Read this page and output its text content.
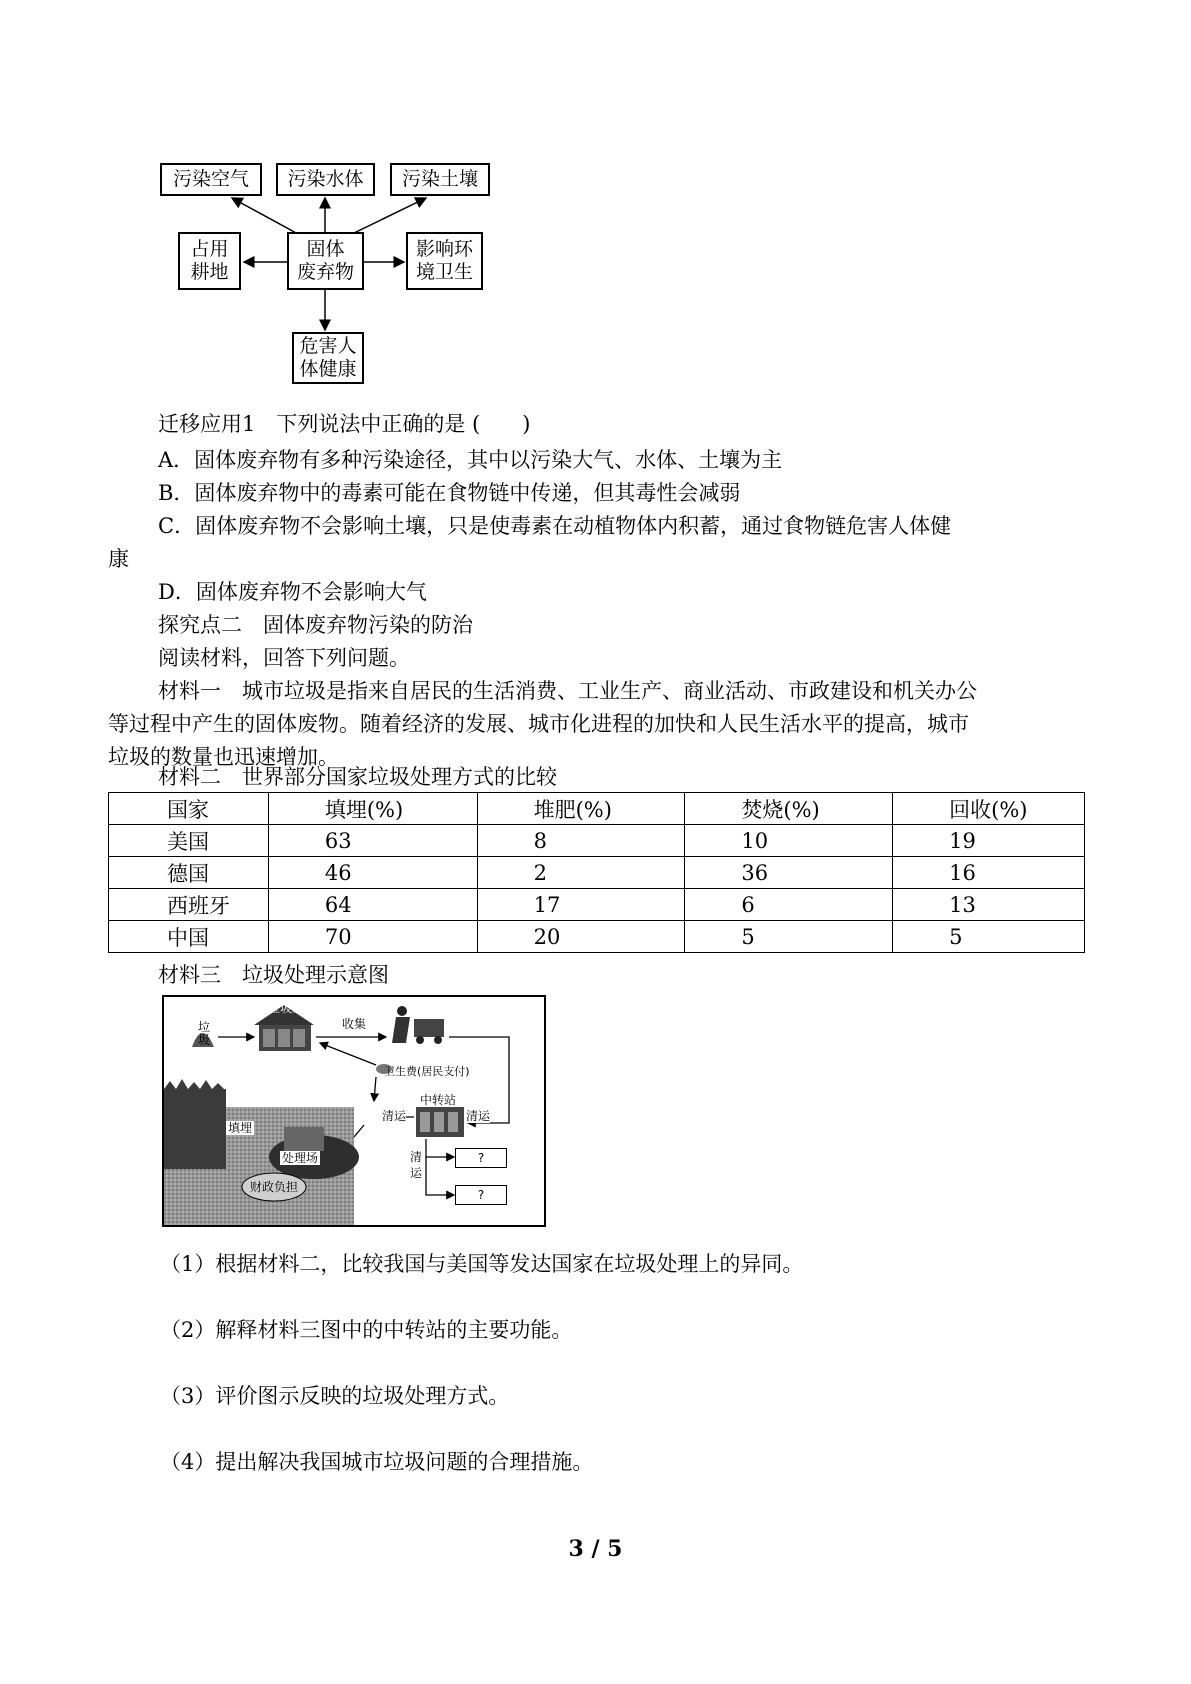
污染空气	污染水体	污染土壤
占用
耕地
固体
废弃物
影响环
境卫生
危害人
体健康
迁移应用1　下列说法中正确的是 (　　)
A．固体废弃物有多种污染途径，其中以污染大气、水体、土壤为主
B．固体废弃物中的毒素可能在食物链中传递，但其毒性会减弱
C．固体废弃物不会影响土壤，只是使毒素在动植物体内积蓄，通过食物链危害人体健
康
D．固体废弃物不会影响大气
探究点二　固体废弃物污染的防治
阅读材料，回答下列问题。
材料一　城市垃圾是指来自居民的生活消费、工业生产、商业活动、市政建设和机关办公
等过程中产生的固体废物。随着经济的发展、城市化进程的加快和人民生活水平的提高，城市
垃圾的数量也迅速增加。
材料二　世界部分国家垃圾处理方式的比较
国家	填埋(%)	堆肥(%)	焚烧(%)	回收(%)
美国	63	8	10	19
德国	46	2	36	16
西班牙	64	17	6	13
中国	70	20	5	5
材料三　垃圾处理示意图
垃圾
垃圾房
收集
卫生费(居民支付)
中转站
清运	清运
清 运
填埋
处理场
财政负担
?
?
（1）根据材料二，比较我国与美国等发达国家在垃圾处理上的异同。
（2）解释材料三图中的中转站的主要功能。
（3）评价图示反映的垃圾处理方式。
（4）提出解决我国城市垃圾问题的合理措施。
3 / 5
